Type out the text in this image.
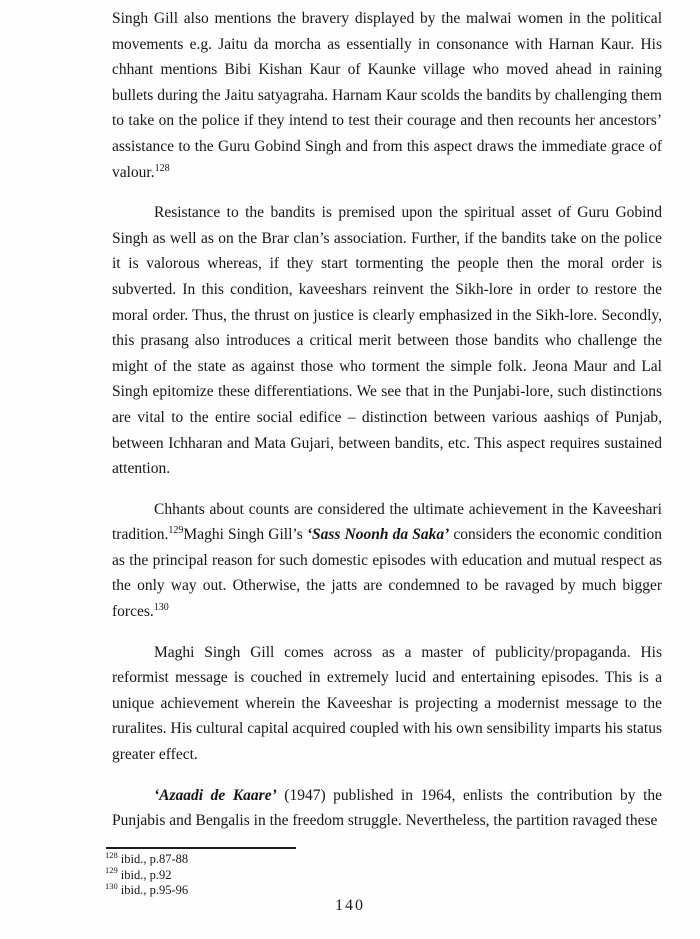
Singh Gill also mentions the bravery displayed by the malwai women in the political movements e.g. Jaitu da morcha as essentially in consonance with Harnan Kaur. His chhant mentions Bibi Kishan Kaur of Kaunke village who moved ahead in raining bullets during the Jaitu satyagraha. Harnam Kaur scolds the bandits by challenging them to take on the police if they intend to test their courage and then recounts her ancestors’ assistance to the Guru Gobind Singh and from this aspect draws the immediate grace of valour.$^{128}$

Resistance to the bandits is premised upon the spiritual asset of Guru Gobind Singh as well as on the Brar clan’s association. Further, if the bandits take on the police it is valorous whereas, if they start tormenting the people then the moral order is subverted. In this condition, kaveeshars reinvent the Sikh-lore in order to restore the moral order. Thus, the thrust on justice is clearly emphasized in the Sikh-lore. Secondly, this prasang also introduces a critical merit between those bandits who challenge the might of the state as against those who torment the simple folk. Jeona Maur and Lal Singh epitomize these differentiations. We see that in the Punjabi-lore, such distinctions are vital to the entire social edifice – distinction between various aashiqs of Punjab, between Ichharan and Mata Gujari, between bandits, etc. This aspect requires sustained attention.

Chhants about counts are considered the ultimate achievement in the Kaveeshari tradition.$^{129}$Maghi Singh Gill’s ‘Sass Noonh da Saka’ considers the economic condition as the principal reason for such domestic episodes with education and mutual respect as the only way out. Otherwise, the jatts are condemned to be ravaged by much bigger forces.$^{130}$

Maghi Singh Gill comes across as a master of publicity/propaganda. His reformist message is couched in extremely lucid and entertaining episodes. This is a unique achievement wherein the Kaveeshar is projecting a modernist message to the ruralites. His cultural capital acquired coupled with his own sensibility imparts his status greater effect.

‘Azaadi de Kaare’ (1947) published in 1964, enlists the contribution by the Punjabis and Bengalis in the freedom struggle. Nevertheless, the partition ravaged these

$^{128}$ ibid., p.87-88
$^{129}$ ibid., p.92
$^{130}$ ibid., p.95-96
140
